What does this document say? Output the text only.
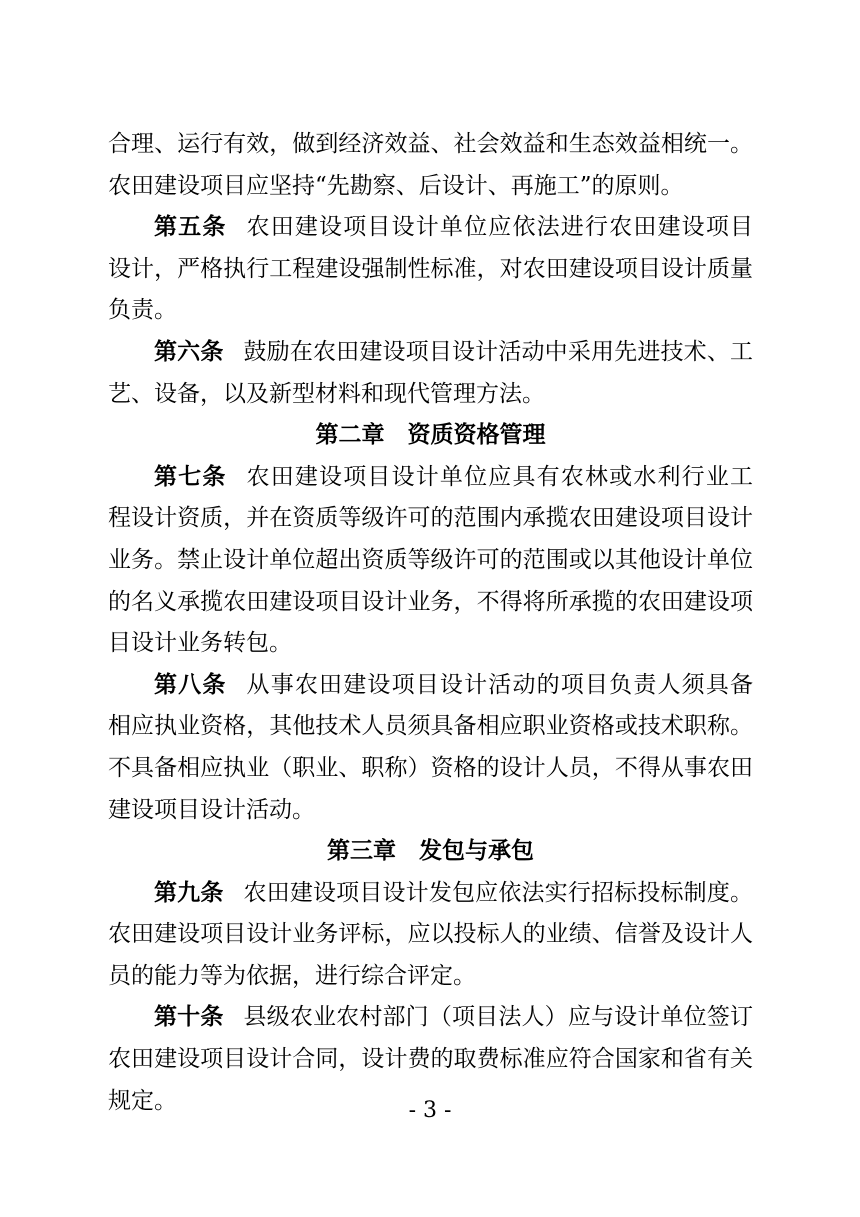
合理、运行有效，做到经济效益、社会效益和生态效益相统一。
农田建设项目应坚持“先勘察、后设计、再施工”的原则。
第五条 农田建设项目设计单位应依法进行农田建设项目
设计，严格执行工程建设强制性标准，对农田建设项目设计质量
负责。
第六条 鼓励在农田建设项目设计活动中采用先进技术、工
艺、设备，以及新型材料和现代管理方法。
第二章　资质资格管理
第七条 农田建设项目设计单位应具有农林或水利行业工
程设计资质，并在资质等级许可的范围内承揽农田建设项目设计
业务。禁止设计单位超出资质等级许可的范围或以其他设计单位
的名义承揽农田建设项目设计业务，不得将所承揽的农田建设项
目设计业务转包。
第八条 从事农田建设项目设计活动的项目负责人须具备
相应执业资格，其他技术人员须具备相应职业资格或技术职称。
不具备相应执业（职业、职称）资格的设计人员，不得从事农田
建设项目设计活动。
第三章　发包与承包
第九条 农田建设项目设计发包应依法实行招标投标制度。
农田建设项目设计业务评标，应以投标人的业绩、信誉及设计人
员的能力等为依据，进行综合评定。
第十条 县级农业农村部门（项目法人）应与设计单位签订
农田建设项目设计合同，设计费的取费标准应符合国家和省有关
规定。	- 3 -
